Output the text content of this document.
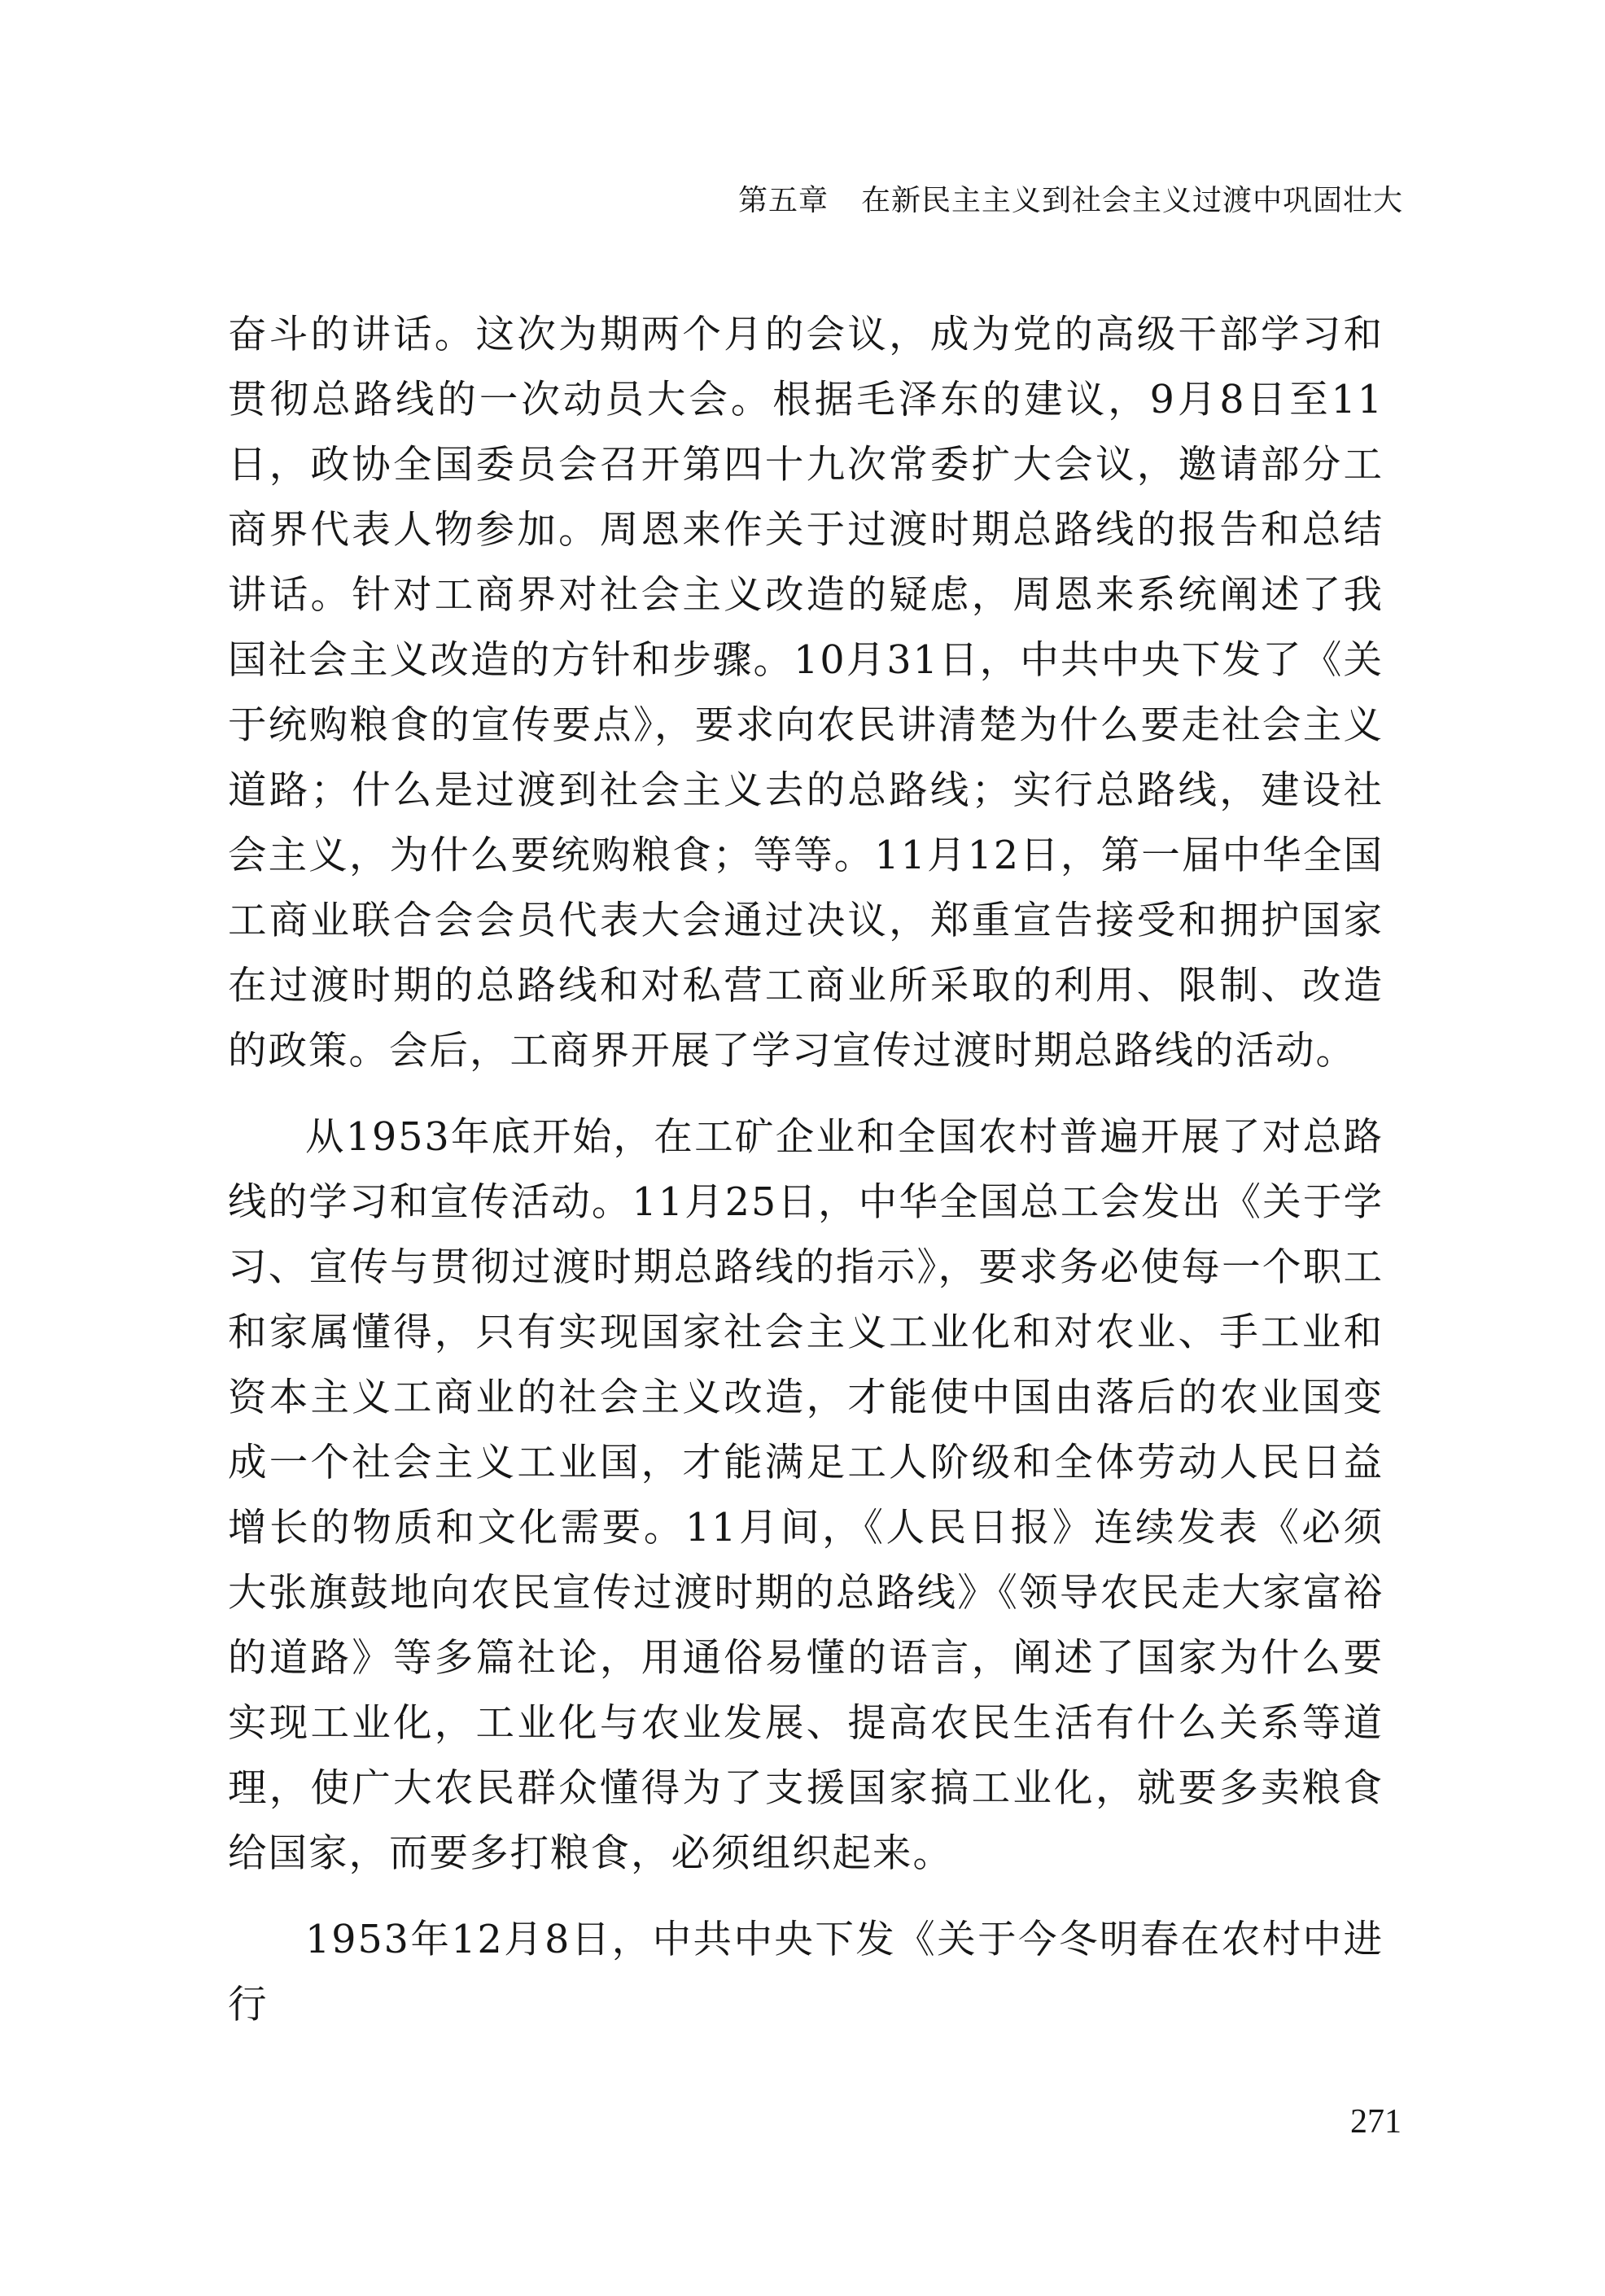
第五章 在新民主主义到社会主义过渡中巩固壮大

奋斗的讲话。这次为期两个月的会议，成为党的高级干部学习和贯彻总路线的一次动员大会。根据毛泽东的建议，9月8日至11日，政协全国委员会召开第四十九次常委扩大会议，邀请部分工商界代表人物参加。周恩来作关于过渡时期总路线的报告和总结讲话。针对工商界对社会主义改造的疑虑，周恩来系统阐述了我国社会主义改造的方针和步骤。10月31日，中共中央下发了《关于统购粮食的宣传要点》，要求向农民讲清楚为什么要走社会主义道路；什么是过渡到社会主义去的总路线；实行总路线，建设社会主义，为什么要统购粮食；等等。11月12日，第一届中华全国工商业联合会会员代表大会通过决议，郑重宣告接受和拥护国家在过渡时期的总路线和对私营工商业所采取的利用、限制、改造的政策。会后，工商界开展了学习宣传过渡时期总路线的活动。

从1953年底开始，在工矿企业和全国农村普遍开展了对总路线的学习和宣传活动。11月25日，中华全国总工会发出《关于学习、宣传与贯彻过渡时期总路线的指示》，要求务必使每一个职工和家属懂得，只有实现国家社会主义工业化和对农业、手工业和资本主义工商业的社会主义改造，才能使中国由落后的农业国变成一个社会主义工业国，才能满足工人阶级和全体劳动人民日益增长的物质和文化需要。11月间，《人民日报》连续发表《必须大张旗鼓地向农民宣传过渡时期的总路线》《领导农民走大家富裕的道路》等多篇社论，用通俗易懂的语言，阐述了国家为什么要实现工业化，工业化与农业发展、提高农民生活有什么关系等道理，使广大农民群众懂得为了支援国家搞工业化，就要多卖粮食给国家，而要多打粮食，必须组织起来。

1953年12月8日，中共中央下发《关于今冬明春在农村中进行

271
